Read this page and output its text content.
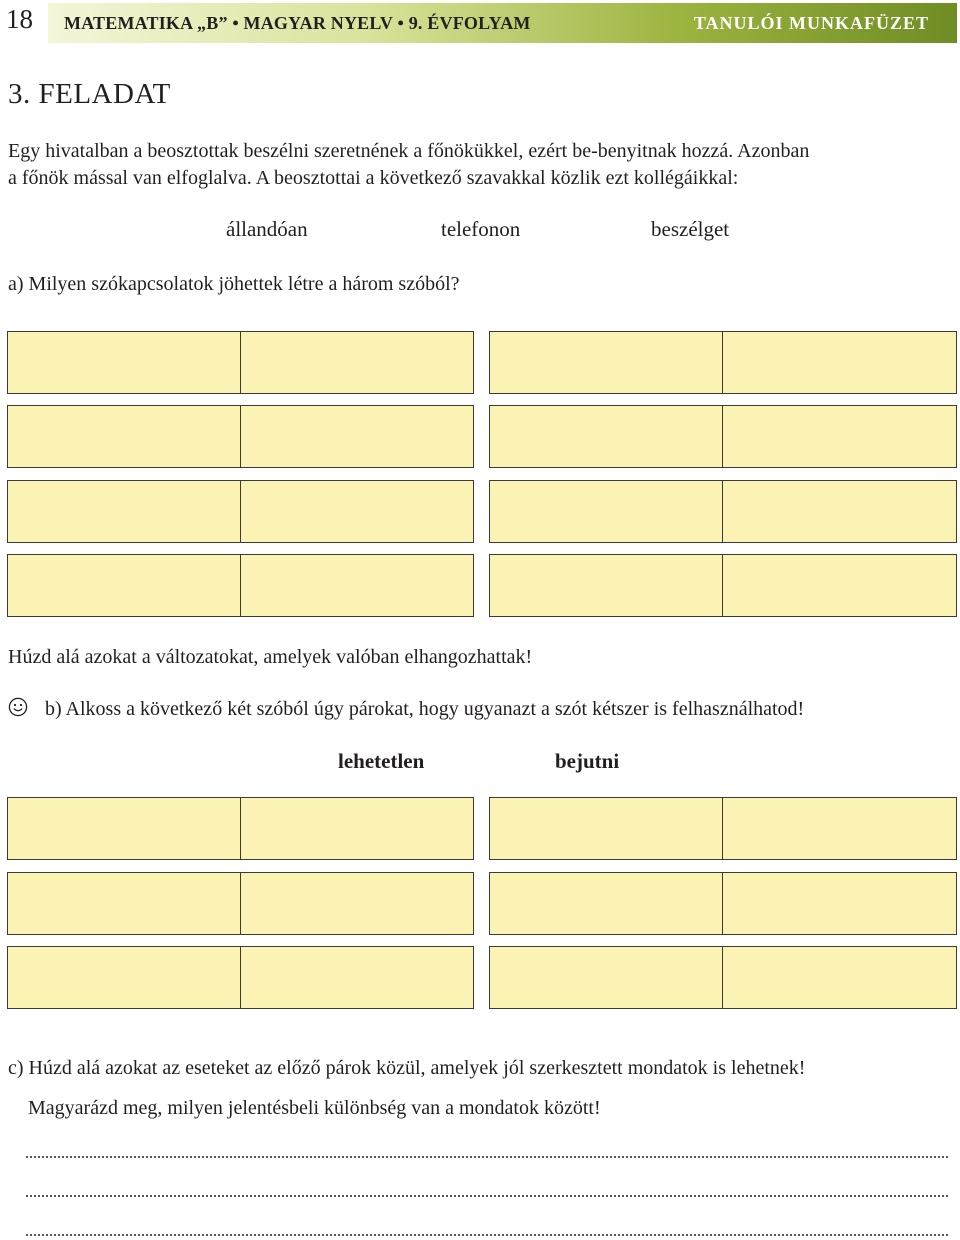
18 MATEMATIKA „B” • MAGYAR NYELV • 9. ÉVFOLYAM	TANULÓI MUNKAFÜZET
3. FELADAT
Egy hivatalban a beosztottak beszélni szeretnének a főnökükkel, ezért be-benyitnak hozzá. Azonban
a főnök mással van elfoglalva. A beosztottai a következő szavakkal közlik ezt kollégáikkal:
állandóan	telefonon	beszélget
a) Milyen szókapcsolatok jöhettek létre a három szóból?
Húzd alá azokat a változatokat, amelyek valóban elhangozhattak!
b) Alkoss a következő két szóból úgy párokat, hogy ugyanazt a szót kétszer is felhasználhatod!
lehetetlen	bejutni
c) Húzd alá azokat az eseteket az előző párok közül, amelyek jól szerkesztett mondatok is lehetnek!
Magyarázd meg, milyen jelentésbeli különbség van a mondatok között!
